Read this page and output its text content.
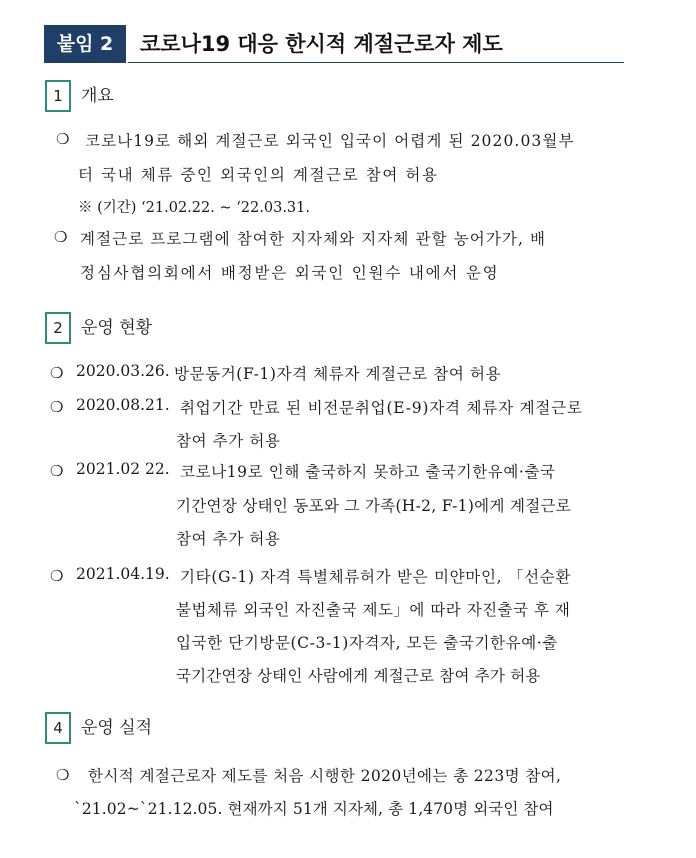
붙임 2	코로나19 대응 한시적 계절근로자 제도
1	개요
❍ 코로나19로 해외 계절근로 외국인 입국이 어렵게 된 2020.03월부
터 국내 체류 중인 외국인의 계절근로 참여 허용
※ (기간) ‘21.02.22. ~ ‘22.03.31.
❍ 계절근로 프로그램에 참여한 지자체와 지자체 관할 농어가가, 배
정심사협의회에서 배정받은 외국인 인원수 내에서 운영
2	운영 현황
❍ 2020.03.26. 방문동거(F-1)자격 체류자 계절근로 참여 허용
❍ 2020.08.21. 취업기간 만료 된 비전문취업(E-9)자격 체류자 계절근로
참여 추가 허용
❍ 2021.02 22. 코로나19로 인해 출국하지 못하고 출국기한유예·출국
기간연장 상태인 동포와 그 가족(H-2, F-1)에게 계절근로
참여 추가 허용
❍ 2021.04.19. 기타(G-1) 자격 특별체류허가 받은 미얀마인, 「선순환
불법체류 외국인 자진출국 제도」에 따라 자진출국 후 재
입국한 단기방문(C-3-1)자격자, 모든 출국기한유예·출
국기간연장 상태인 사람에게 계절근로 참여 추가 허용
4	운영 실적
❍ 한시적 계절근로자 제도를 처음 시행한 2020년에는 총 223명 참여,
`21.02~`21.12.05. 현재까지 51개 지자체, 총 1,470명 외국인 참여
